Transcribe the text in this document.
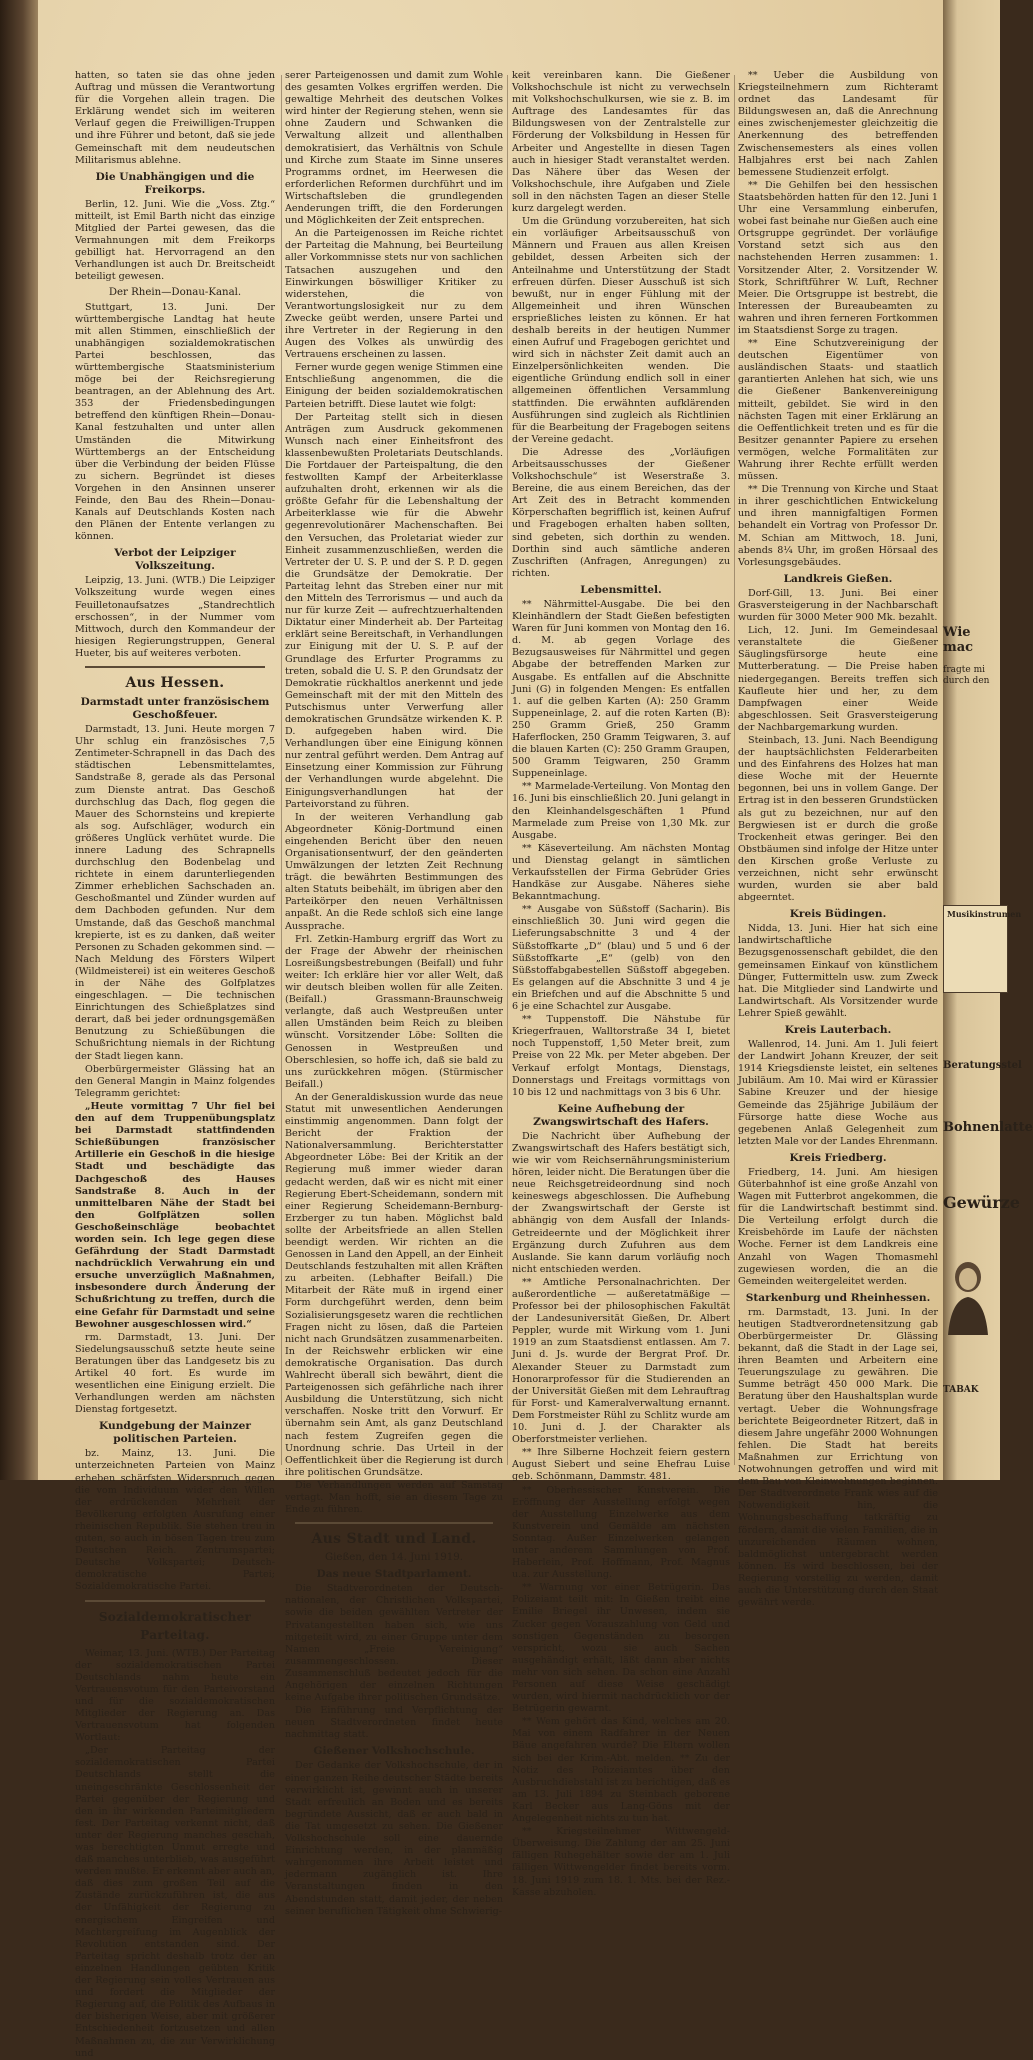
hatten, so taten sie das ohne jeden Auftrag und müssen die Verantwortung für die Vorgehen allein tragen. Die Erklärung wendet sich im weiteren Verlauf gegen die Freiwilligen-Truppen und ihre Führer und betont, daß sie jede Gemeinschaft mit dem neudeutschen Militarismus ablehne.

Die Unabhängigen und die Freikorps.

Berlin, 12. Juni. Wie die „Voss. Ztg.“ mitteilt, ist Emil Barth nicht das einzige Mitglied der Partei gewesen, das die Vermahnungen mit dem Freikorps gebilligt hat. Hervorragend an den Verhandlungen ist auch Dr. Breitscheidt beteiligt gewesen.

Der Rhein—Donau-Kanal.

Stuttgart, 13. Juni. Der württembergische Landtag hat heute mit allen Stimmen, einschließlich der unabhängigen sozialdemokratischen Partei beschlossen, das württembergische Staatsministerium möge bei der Reichsregierung beantragen, an der Ablehnung des Art. 353 der Friedensbedingungen betreffend den künftigen Rhein—Donau-Kanal festzuhalten und unter allen Umständen die Mitwirkung Württembergs an der Entscheidung über die Verbindung der beiden Flüsse zu sichern. Begründet ist dieses Vorgehen in den Ansinnen unserer Feinde, den Bau des Rhein—Donau-Kanals auf Deutschlands Kosten nach den Plänen der Entente verlangen zu können.

Verbot der Leipziger Volkszeitung.

Leipzig, 13. Juni. (WTB.) Die Leipziger Volkszeitung wurde wegen eines Feuilletonaufsatzes „Standrechtlich erschossen“, in der Nummer vom Mittwoch, durch den Kommandeur der hiesigen Regierungstruppen, General Hueter, bis auf weiteres verboten.

Aus Hessen.
Darmstadt unter französischem Geschoßfeuer.

Darmstadt, 13. Juni. Heute morgen 7 Uhr schlug ein französisches 7,5 Zentimeter-Schrapnell in das Dach des städtischen Lebensmittelamtes, Sandstraße 8, gerade als das Personal zum Dienste antrat. Das Geschoß durchschlug das Dach, flog gegen die Mauer des Schornsteins und krepierte als sog. Aufschläger, wodurch ein größeres Unglück verhütet wurde. Die innere Ladung des Schrapnells durchschlug den Bodenbelag und richtete in einem darunterliegenden Zimmer erheblichen Sachschaden an. Geschoßmantel und Zünder wurden auf dem Dachboden gefunden. Nur dem Umstande, daß das Geschoß manchmal krepierte, ist es zu danken, daß weiter Personen zu Schaden gekommen sind. — Nach Meldung des Försters Wilpert (Wildmeisterei) ist ein weiteres Geschoß in der Nähe des Golfplatzes eingeschlagen. — Die technischen Einrichtungen des Schießplatzes sind derart, daß bei jeder ordnungsgemäßen Benutzung zu Schießübungen die Schußrichtung niemals in der Richtung der Stadt liegen kann.

Oberbürgermeister Glässing hat an den General Mangin in Mainz folgendes Telegramm gerichtet:

„Heute vormittag 7 Uhr fiel bei den auf dem Truppenübungsplatz bei Darmstadt stattfindenden Schießübungen französischer Artillerie ein Geschoß in die hiesige Stadt und beschädigte das Dachgeschoß des Hauses Sandstraße 8. Auch in der unmittelbaren Nähe der Stadt bei den Golfplätzen sollen Geschoßeinschläge beobachtet worden sein. Ich lege gegen diese Gefährdung der Stadt Darmstadt nachdrücklich Verwahrung ein und ersuche unverzüglich Maßnahmen, insbesondere durch Änderung der Schußrichtung zu treffen, durch die eine Gefahr für Darmstadt und seine Bewohner ausgeschlossen wird.“

rm. Darmstadt, 13. Juni. Der Siedelungsausschuß setzte heute seine Beratungen über das Landgesetz bis zu Artikel 40 fort. Es wurde im wesentlichen eine Einigung erzielt. Die Verhandlungen werden am nächsten Dienstag fortgesetzt.

Kundgebung der Mainzer politischen Parteien.

bz. Mainz, 13. Juni. Die unterzeichneten Parteien von Mainz erheben schärfsten Widerspruch gegen die vom Individuum wider den Willen der erdrückenden Mehrheit der Bevölkerung erfolgten Ausrufung einer rheinischen Republik. Sie stehen treu in guten, so auch in bösen Tagen treu zum Deutschen Reich. Zentrumspartei; Deutsche Volkspartei; Deutsch-demokratische Partei; Sozialdemokratische Partei.

Sozialdemokratischer Parteitag.

Weimar, 13. Juni. (WTB.) Der Parteitag der sozialdemokratischen Partei Deutschlands nahm heute ein Vertrauensvotum für den Parteivorstand und für die sozialdemokratischen Mitglieder der Regierung an. Das Vertrauensvotum hat folgenden Wortlaut:

„Der Parteitag der sozialdemokratischen Partei Deutschlands stellt die uneingeschränkte Geschlossenheit der Partei gegenüber der Regierung und den in ihr wirkenden Parteimitgliedern fest. Der Parteitag verkennt nicht, daß unter der Regierung manches geschah, was berechtigten Unmut erregte und daß manches unterblieb, was ausgeführt werden mußte. Er erkennt aber auch an, daß dies zum großen Teil auf die Zustände zurückzuführen ist, die aus der Unfähigkeit der Regierung zu energischem Eingreifen und Machtergreifung im Augenblick der Revolution entstanden sind. Der Parteitag spricht deshalb trotz der an einzelnen Handlungen geübten Kritik der Regierung sein volles Vertrauen aus und fordert die Mitglieder der Regierung auf, die Politik des Aufbaus in der bisherigen Weise, aber mit größerer Entschiedenheit fortzusetzen und allen Maßnahmen zu, die zur Verwirklichung und

serer Parteigenossen und damit zum Wohle des gesamten Volkes ergriffen werden. Die gewaltige Mehrheit des deutschen Volkes wird hinter der Regierung stehen, wenn sie ohne Zaudern und Schwanken die Verwaltung allzeit und allenthalben demokratisiert, das Verhältnis von Schule und Kirche zum Staate im Sinne unseres Programms ordnet, im Heerwesen die erforderlichen Reformen durchführt und im Wirtschaftsleben die grundlegenden Aenderungen trifft, die den Forderungen und Möglichkeiten der Zeit entsprechen.

An die Parteigenossen im Reiche richtet der Parteitag die Mahnung, bei Beurteilung aller Vorkommnisse stets nur von sachlichen Tatsachen auszugehen und den Einwirkungen böswilliger Kritiker zu widerstehen, die von Verantwortungslosigkeit nur zu dem Zwecke geübt werden, unsere Partei und ihre Vertreter in der Regierung in den Augen des Volkes als unwürdig des Vertrauens erscheinen zu lassen.

Ferner wurde gegen wenige Stimmen eine Entschließung angenommen, die die Einigung der beiden sozialdemokratischen Parteien betrifft. Diese lautet wie folgt:

Der Parteitag stellt sich in diesen Anträgen zum Ausdruck gekommenen Wunsch nach einer Einheitsfront des klassenbewußten Proletariats Deutschlands. Die Fortdauer der Parteispaltung, die den festwollten Kampf der Arbeiterklasse aufzuhalten droht, erkennen wir als die größte Gefahr für die Lebenshaltung der Arbeiterklasse wie für die Abwehr gegenrevolutionärer Machenschaften. Bei den Versuchen, das Proletariat wieder zur Einheit zusammenzuschließen, werden die Vertreter der U. S. P. und der S. P. D. gegen die Grundsätze der Demokratie. Der Parteitag lehnt das Streben einer nur mit den Mitteln des Terrorismus — und auch da nur für kurze Zeit — aufrechtzuerhaltenden Diktatur einer Minderheit ab. Der Parteitag erklärt seine Bereitschaft, in Verhandlungen zur Einigung mit der U. S. P. auf der Grundlage des Erfurter Programms zu treten, sobald die U. S. P. den Grundsatz der Demokratie rückhaltlos anerkennt und jede Gemeinschaft mit der mit den Mitteln des Putschismus unter Verwerfung aller demokratischen Grundsätze wirkenden K. P. D. aufgegeben haben wird. Die Verhandlungen über eine Einigung können nur zentral geführt werden. Dem Antrag auf Einsetzung einer Kommission zur Führung der Verhandlungen wurde abgelehnt. Die Einigungsverhandlungen hat der Parteivorstand zu führen.

In der weiteren Verhandlung gab Abgeordneter König-Dortmund einen eingehenden Bericht über den neuen Organisationsentwurf, der den geänderten Umwälzungen der letzten Zeit Rechnung trägt. die bewährten Bestimmungen des alten Statuts beibehält, im übrigen aber den Parteikörper den neuen Verhältnissen anpaßt. An die Rede schloß sich eine lange Aussprache.

Frl. Zetkin-Hamburg ergriff das Wort zu der Frage der Abwehr der rheinischen Losreißungsbestrebungen (Beifall) und fuhr weiter: Ich erkläre hier vor aller Welt, daß wir deutsch bleiben wollen für alle Zeiten. (Beifall.) Grassmann-Braunschweig verlangte, daß auch Westpreußen unter allen Umständen beim Reich zu bleiben wünscht. Vorsitzender Löbe: Sollten die Genossen in Westpreußen und Oberschlesien, so hoffe ich, daß sie bald zu uns zurückkehren mögen. (Stürmischer Beifall.)

An der Generaldiskussion wurde das neue Statut mit unwesentlichen Aenderungen einstimmig angenommen. Dann folgt der Bericht der Fraktion der Nationalversammlung. Berichterstatter Abgeordneter Löbe: Bei der Kritik an der Regierung muß immer wieder daran gedacht werden, daß wir es nicht mit einer Regierung Ebert-Scheidemann, sondern mit einer Regierung Scheidemann-Bernburg-Erzberger zu tun haben. Möglichst bald sollte der Arbeitsfriede an allen Stellen beendigt werden. Wir richten an die Genossen in Land den Appell, an der Einheit Deutschlands festzuhalten mit allen Kräften zu arbeiten. (Lebhafter Beifall.) Die Mitarbeit der Räte muß in irgend einer Form durchgeführt werden, denn beim Sozialisierungsgesetz waren die rechtlichen Fragen nicht zu lösen, daß die Parteien nicht nach Grundsätzen zusammenarbeiten. In der Reichswehr erblicken wir eine demokratische Organisation. Das durch Wahlrecht überall sich bewährt, dient die Parteigenossen sich gefährliche nach ihrer Ausbildung die Unterstützung, sich nicht verschaffen. Noske tritt den Vorwurf. Er übernahm sein Amt, als ganz Deutschland nach festem Zugreifen gegen die Unordnung schrie. Das Urteil in der Oeffentlichkeit über die Regierung ist durch ihre politischen Grundsätze.

Die Verhandlungen werden auf Samstag vertagt. Man hofft, sie an diesem Tage zu Ende zu führen.

Aus Stadt und Land.
Gießen, den 14. Juni 1919.
Das neue Stadtparlament.

Die Stadtverordneten der Deutsch-nationalen, der Christlichen Volkspartei, sowie die beiden gewählten Vertreter der Privatangestellten haben sich, wie uns mitgeteilt wird, zu einer Gruppe unter dem Namen „Freie Vereinigung“ zusammengeschlossen. Dieser Zusammenschluß bedeutet jedoch für die Angehörigen der einzelnen Richtungen keine Aufgabe ihrer politischen Grundsätze.

Die Einführung und Verpflichtung der neuen Stadtverordneten findet heute nachmittag statt.

Gießener Volkshochschule.

Der Gedanke der Volkshochschule, der in einer ganzen Reihe deutscher Städte bereits verwirklicht ist, gewinnt auch in unserer Stadt erfreulich an Boden und es bereits begründete Aussicht, daß er auch bald in die Tat umgesetzt zu sehen. Die Gießener Volkshochschule soll eine dauernde Einrichtung werden, in der planmäßig wahrgenommen ihre Arbeit leistet und jedermann zugänglich ist. Ihre Veranstaltungen finden in den Abendstunden statt, damit jeder, der neben seiner beruflichen Tätigkeit ohne Schwierig-

keit vereinbaren kann. Die Gießener Volkshochschule ist nicht zu verwechseln mit Volkshochschulkursen, wie sie z. B. im Auftrage des Landesamtes für das Bildungswesen von der Zentralstelle zur Förderung der Volksbildung in Hessen für Arbeiter und Angestellte in diesen Tagen auch in hiesiger Stadt veranstaltet werden. Das Nähere über das Wesen der Volkshochschule, ihre Aufgaben und Ziele soll in den nächsten Tagen an dieser Stelle kurz dargelegt werden.

Um die Gründung vorzubereiten, hat sich ein vorläufiger Arbeitsausschuß von Männern und Frauen aus allen Kreisen gebildet, dessen Arbeiten sich der Anteilnahme und Unterstützung der Stadt erfreuen dürfen. Dieser Ausschuß ist sich bewußt, nur in enger Fühlung mit der Allgemeinheit und ihren Wünschen ersprießliches leisten zu können. Er hat deshalb bereits in der heutigen Nummer einen Aufruf und Fragebogen gerichtet und wird sich in nächster Zeit damit auch an Einzelpersönlichkeiten wenden. Die eigentliche Gründung endlich soll in einer allgemeinen öffentlichen Versammlung stattfinden. Die erwähnten aufklärenden Ausführungen sind zugleich als Richtlinien für die Bearbeitung der Fragebogen seitens der Vereine gedacht.

Die Adresse des „Vorläufigen Arbeitsausschusses der Gießener Volkshochschule“ ist Weserstraße 3. Bereine, die aus einem Bereichen, das der Art Zeit des in Betracht kommenden Körperschaften begrifflich ist, keinen Aufruf und Fragebogen erhalten haben sollten, sind gebeten, sich dorthin zu wenden. Dorthin sind auch sämtliche anderen Zuschriften (Anfragen, Anregungen) zu richten.

Lebensmittel.

** Nährmittel-Ausgabe. Die bei den Kleinhändlern der Stadt Gießen befestigten Waren für Juni kommen von Montag den 16. d. M. ab gegen Vorlage des Bezugsausweises für Nährmittel und gegen Abgabe der betreffenden Marken zur Ausgabe. Es entfallen auf die Abschnitte Juni (G) in folgenden Mengen: Es entfallen 1. auf die gelben Karten (A): 250 Gramm Suppeneinlage, 2. auf die roten Karten (B): 250 Gramm Grieß, 250 Gramm Haferflocken, 250 Gramm Teigwaren, 3. auf die blauen Karten (C): 250 Gramm Graupen, 500 Gramm Teigwaren, 250 Gramm Suppeneinlage.

** Marmelade-Verteilung. Von Montag den 16. Juni bis einschließlich 20. Juni gelangt in den Kleinhandelsgeschäften 1 Pfund Marmelade zum Preise von 1,30 Mk. zur Ausgabe.

** Käseverteilung. Am nächsten Montag und Dienstag gelangt in sämtlichen Verkaufsstellen der Firma Gebrüder Gries Handkäse zur Ausgabe. Näheres siehe Bekanntmachung.

** Ausgabe von Süßstoff (Sacharin). Bis einschließlich 30. Juni wird gegen die Lieferungsabschnitte 3 und 4 der Süßstoffkarte „D“ (blau) und 5 und 6 der Süßstoffkarte „E“ (gelb) von den Süßstoffabgabestellen Süßstoff abgegeben. Es gelangen auf die Abschnitte 3 und 4 je ein Briefchen und auf die Abschnitte 5 und 6 je eine Schachtel zur Ausgabe.

** Tuppenstoff. Die Nähstube für Kriegerfrauen, Walltorstraße 34 I, bietet noch Tuppenstoff, 1,50 Meter breit, zum Preise von 22 Mk. per Meter abgeben. Der Verkauf erfolgt Montags, Dienstags, Donnerstags und Freitags vormittags von 10 bis 12 und nachmittags von 3 bis 6 Uhr.

Keine Aufhebung der Zwangswirtschaft des Hafers.

Die Nachricht über Aufhebung der Zwangswirtschaft des Hafers bestätigt sich, wie wir vom Reichsernährungsministerium hören, leider nicht. Die Beratungen über die neue Reichsgetreideordnung sind noch keineswegs abgeschlossen. Die Aufhebung der Zwangswirtschaft der Gerste ist abhängig von dem Ausfall der Inlands-Getreideernte und der Möglichkeit ihrer Ergänzung durch Zufuhren aus dem Auslande. Sie kann darum vorläufig noch nicht entschieden werden.

** Amtliche Personalnachrichten. Der außerordentliche — außeretatmäßige — Professor bei der philosophischen Fakultät der Landesuniversität Gießen, Dr. Albert Peppler, wurde mit Wirkung vom 1. Juni 1919 an zum Staatsdienst entlassen. Am 7. Juni d. Js. wurde der Bergrat Prof. Dr. Alexander Steuer zu Darmstadt zum Honorarprofessor für die Studierenden an der Universität Gießen mit dem Lehrauftrag für Forst- und Kameralverwaltung ernannt. Dem Forstmeister Rühl zu Schlitz wurde am 10. Juni d. J. der Charakter als Oberforstmeister verliehen.

** Ihre Silberne Hochzeit feiern gestern August Siebert und seine Ehefrau Luise geb. Schönmann, Dammstr. 481.

** Oberhessischer Kunstverein. Die Eröffnung der Ausstellung erfolgt wegen der Ausstellung Einzelwerke aus dem Kunstverein und Gemälde am nächsten Sonntag. Außer Einzelwerken gelangen unter anderem Sammlungen von Prof. Haberlein, Prof. Hoffmann, Prof. Magnus u.a. zur Ausstellung.

** Warnung vor einer Betrügerin. Das Polizeiamt teilt mit: In Gießen treibt eine Emilie Briegel ihr Unwesen, indem sie Zucker gegen Vorauszahlung von Geld und sonstigen Gegenständen zu besorgen verspricht, wozu sie auch Sachen ausgehändigt erhält, läßt dann aber nichts mehr von sich sehen. Da schon eine Anzahl Personen auf diese Weise geschädigt wurden, wird hiermit nachdrücklich vor der Betrügerin gewarnt.

** Wem gehört das Kind, welches am 20. Mai von einem Radfahrer in der Neuen Bäue angefahren wurde? Die Eltern wollen sich bei der Krim.-Abt. melden. ** Zu der Notiz des Polizeiamtes über den Ausbruchdiebstahl ist zu berichtigen, daß es am 13. Juli 1894 zu Steinbach geborene Karl Becker aus Lang-Göns mit der Angelegenheit nichts zu tun hat.

** Kriegsteilnehmer Wittwengeld-Überweisung. Die Zahlung der am 25. Juni fälligen Ruhegehälter sowie der am 1. Juli fälligen Wittwengelder findet bereits vorm. 18. Juni 1919 zum 18. 1. Mts. bei der Rez.-Kasse abzuholen.

** Ueber die Ausbildung von Kriegsteilnehmern zum Richteramt ordnet das Landesamt für Bildungswesen an, daß die Anrechnung eines zwischenjemester gleichzeitig die Anerkennung des betreffenden Zwischensemesters als eines vollen Halbjahres erst bei nach Zahlen bemessene Studienzeit erfolgt.

** Die Gehilfen bei den hessischen Staatsbehörden hatten für den 12. Juni 1 Uhr eine Versammlung einberufen, wobei fast beinahe nur Gießen auch eine Ortsgruppe gegründet. Der vorläufige Vorstand setzt sich aus den nachstehenden Herren zusammen: 1. Vorsitzender Alter, 2. Vorsitzender W. Stork, Schriftführer W. Luft, Rechner Meier. Die Ortsgruppe ist bestrebt, die Interessen der Bureaubeamten zu wahren und ihren ferneren Fortkommen im Staatsdienst Sorge zu tragen.

** Eine Schutzvereinigung der deutschen Eigentümer von ausländischen Staats- und staatlich garantierten Anlehen hat sich, wie uns die Gießener Bankenvereinigung mitteilt, gebildet. Sie wird in den nächsten Tagen mit einer Erklärung an die Oeffentlichkeit treten und es für die Besitzer genannter Papiere zu ersehen vermögen, welche Formalitäten zur Wahrung ihrer Rechte erfüllt werden müssen.

** Die Trennung von Kirche und Staat in ihrer geschichtlichen Entwickelung und ihren mannigfaltigen Formen behandelt ein Vortrag von Professor Dr. M. Schian am Mittwoch, 18. Juni, abends 8¼ Uhr, im großen Hörsaal des Vorlesungsgebäudes.

Landkreis Gießen.

Dorf-Gill, 13. Juni. Bei einer Grasversteigerung in der Nachbarschaft wurden für 3000 Meter 900 Mk. bezahlt.

Lich, 12. Juni. Im Gemeindesaal veranstaltete die Gießener Säuglingsfürsorge heute eine Mutterberatung. — Die Preise haben niedergegangen. Bereits treffen sich Kaufleute hier und her, zu dem Dampfwagen einer Weide abgeschlossen. Seit Grasversteigerung der Nachbargemarkung wurden.

Steinbach, 13. Juni. Nach Beendigung der hauptsächlichsten Felderarbeiten und des Einfahrens des Holzes hat man diese Woche mit der Heuernte begonnen, bei uns in vollem Gange. Der Ertrag ist in den besseren Grundstücken als gut zu bezeichnen, nur auf den Bergwiesen ist er durch die große Trockenheit etwas geringer. Bei den Obstbäumen sind infolge der Hitze unter den Kirschen große Verluste zu verzeichnen, nicht sehr erwünscht wurden, wurden sie aber bald abgeerntet.

Kreis Büdingen.

Nidda, 13. Juni. Hier hat sich eine landwirtschaftliche Bezugsgenossenschaft gebildet, die den gemeinsamen Einkauf von künstlichem Dünger, Futtermitteln usw. zum Zweck hat. Die Mitglieder sind Landwirte und Landwirtschaft. Als Vorsitzender wurde Lehrer Spieß gewählt.

Kreis Lauterbach.

Wallenrod, 14. Juni. Am 1. Juli feiert der Landwirt Johann Kreuzer, der seit 1914 Kriegsdienste leistet, ein seltenes Jubiläum. Am 10. Mai wird er Kürassier Sabine Kreuzer und der hiesige Gemeinde das 25jährige Jubiläum der Fürsorge hatte diese Woche aus gegebenen Anlaß Gelegenheit zum letzten Male vor der Landes Ehrenmann.

Kreis Friedberg.

Friedberg, 14. Juni. Am hiesigen Güterbahnhof ist eine große Anzahl von Wagen mit Futterbrot angekommen, die für die Landwirtschaft bestimmt sind. Die Verteilung erfolgt durch die Kreisbehörde im Laufe der nächsten Woche. Ferner ist dem Landkreis eine Anzahl von Wagen Thomasmehl zugewiesen worden, die an die Gemeinden weitergeleitet werden.

Starkenburg und Rheinhessen.

rm. Darmstadt, 13. Juni. In der heutigen Stadtverordnetensitzung gab Oberbürgermeister Dr. Glässing bekannt, daß die Stadt in der Lage sei, ihren Beamten und Arbeitern eine Teuerungszulage zu gewähren. Die Summe beträgt 450 000 Mark. Die Beratung über den Haushaltsplan wurde vertagt. Ueber die Wohnungsfrage berichtete Beigeordneter Ritzert, daß in diesem Jahre ungefähr 2000 Wohnungen fehlen. Die Stadt hat bereits Maßnahmen zur Errichtung von Notwohnungen getroffen und wird mit dem Bau von Kleinwohnungen beginnen. Der Stadtverordnete Frank wies auf die Notwendigkeit hin, die Wohnungsbeschaffung tatkräftig zu fördern, damit die vielen Familien, die in unzureichenden Räumen wohnen, baldmöglichst untergebracht werden können. Es wird beschlossen, bei der Regierung vorstellig zu werden, damit auch die Unterstützung durch den Staat gewährt werde.

Wie mac
fragte mi
durch den
Musikinstrumen
Beratungsstel
Bohnenlatte
Gewürze
TABAK
